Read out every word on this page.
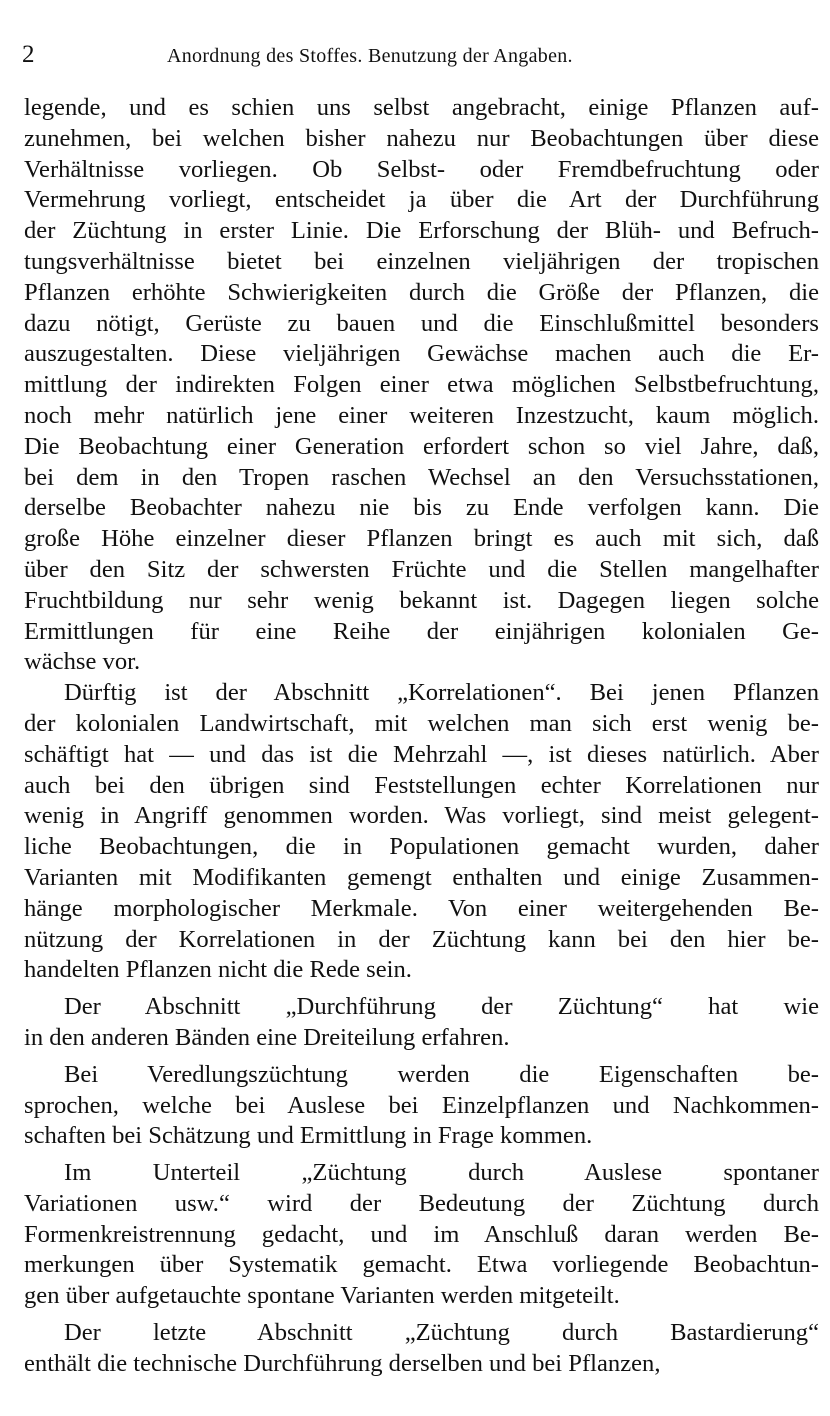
2	Anordnung des Stoffes. Benutzung der Angaben.
legende, und es schien uns selbst angebracht, einige Pflanzen auf-
zunehmen, bei welchen bisher nahezu nur Beobachtungen über diese
Verhältnisse vorliegen. Ob Selbst- oder Fremdbefruchtung oder
Vermehrung vorliegt, entscheidet ja über die Art der Durchführung
der Züchtung in erster Linie. Die Erforschung der Blüh- und Befruch-
tungsverhältnisse bietet bei einzelnen vieljährigen der tropischen
Pflanzen erhöhte Schwierigkeiten durch die Größe der Pflanzen, die
dazu nötigt, Gerüste zu bauen und die Einschlußmittel besonders
auszugestalten. Diese vieljährigen Gewächse machen auch die Er-
mittlung der indirekten Folgen einer etwa möglichen Selbstbefruchtung,
noch mehr natürlich jene einer weiteren Inzestzucht, kaum möglich.
Die Beobachtung einer Generation erfordert schon so viel Jahre, daß,
bei dem in den Tropen raschen Wechsel an den Versuchsstationen,
derselbe Beobachter nahezu nie bis zu Ende verfolgen kann. Die
große Höhe einzelner dieser Pflanzen bringt es auch mit sich, daß
über den Sitz der schwersten Früchte und die Stellen mangelhafter
Fruchtbildung nur sehr wenig bekannt ist. Dagegen liegen solche
Ermittlungen für eine Reihe der einjährigen kolonialen Ge-
wächse vor.
Dürftig ist der Abschnitt „Korrelationen“. Bei jenen Pflanzen
der kolonialen Landwirtschaft, mit welchen man sich erst wenig be-
schäftigt hat — und das ist die Mehrzahl —, ist dieses natürlich. Aber
auch bei den übrigen sind Feststellungen echter Korrelationen nur
wenig in Angriff genommen worden. Was vorliegt, sind meist gelegent-
liche Beobachtungen, die in Populationen gemacht wurden, daher
Varianten mit Modifikanten gemengt enthalten und einige Zusammen-
hänge morphologischer Merkmale. Von einer weitergehenden Be-
nützung der Korrelationen in der Züchtung kann bei den hier be-
handelten Pflanzen nicht die Rede sein.
Der Abschnitt „Durchführung der Züchtung“ hat wie
in den anderen Bänden eine Dreiteilung erfahren.
Bei Veredlungszüchtung werden die Eigenschaften be-
sprochen, welche bei Auslese bei Einzelpflanzen und Nachkommen-
schaften bei Schätzung und Ermittlung in Frage kommen.
Im Unterteil „Züchtung durch Auslese spontaner
Variationen usw.“ wird der Bedeutung der Züchtung durch
Formenkreistrennung gedacht, und im Anschluß daran werden Be-
merkungen über Systematik gemacht. Etwa vorliegende Beobachtun-
gen über aufgetauchte spontane Varianten werden mitgeteilt.
Der letzte Abschnitt „Züchtung durch Bastardierung“
enthält die technische Durchführung derselben und bei Pflanzen,
